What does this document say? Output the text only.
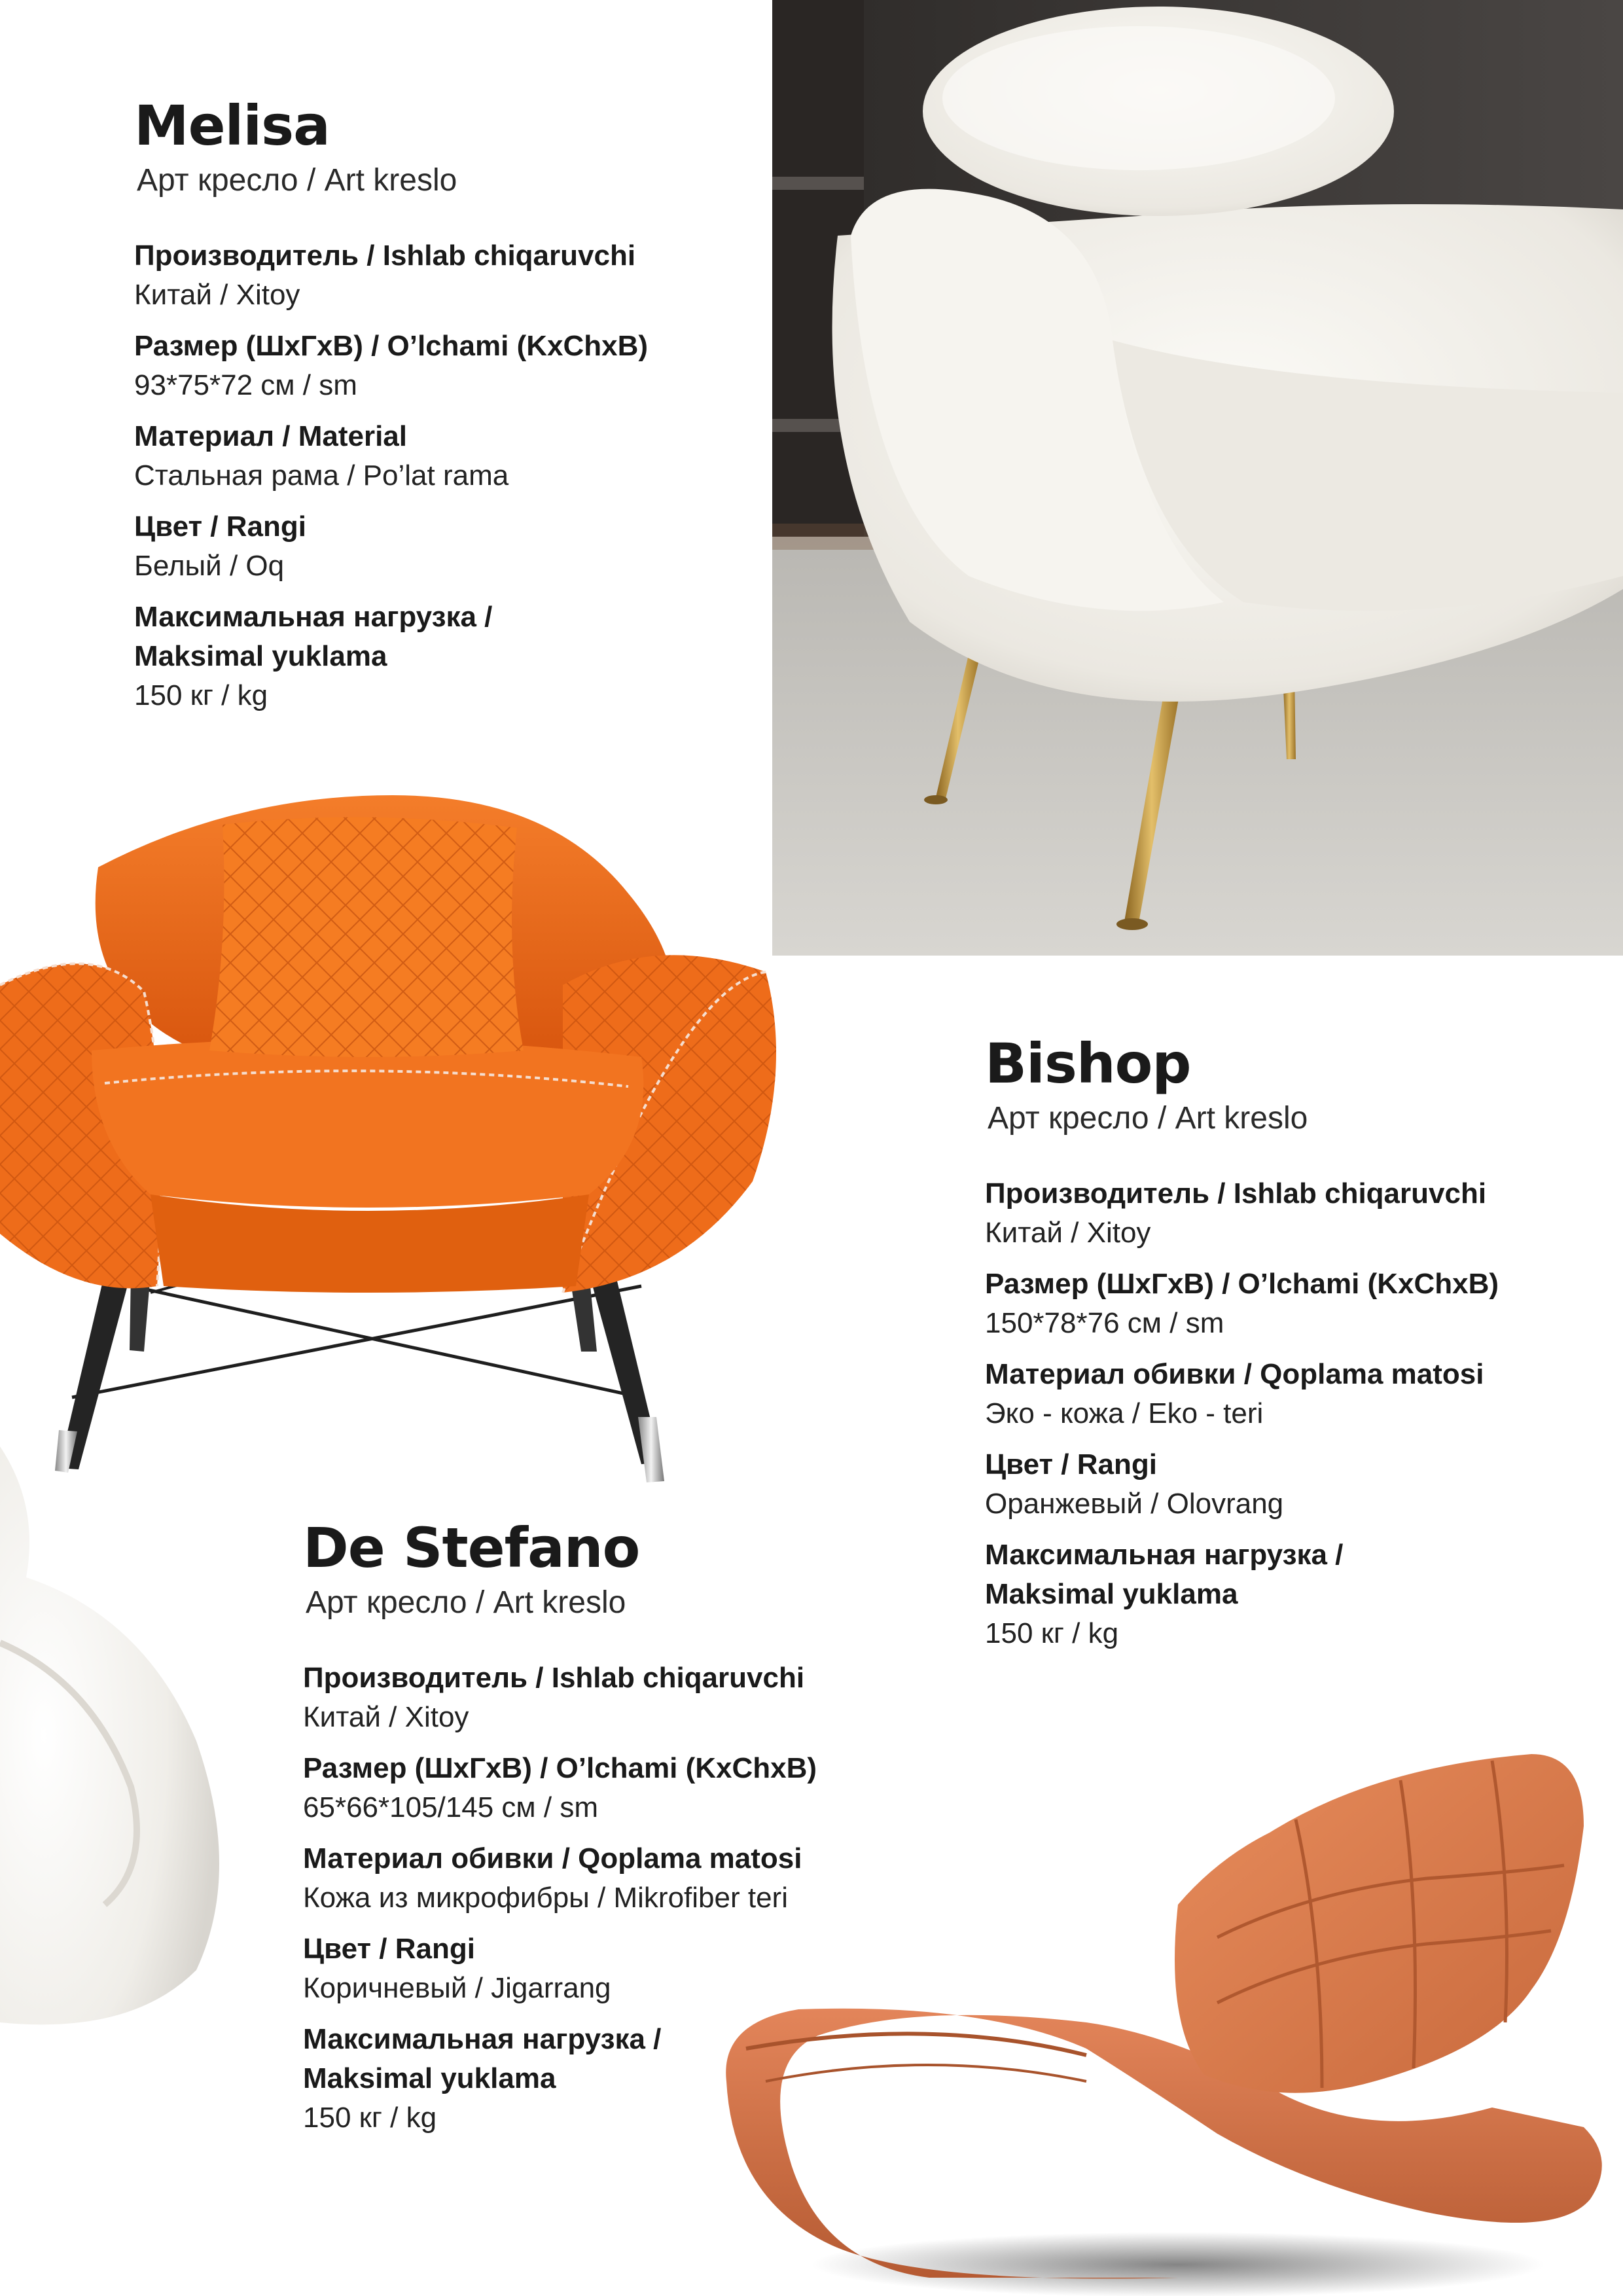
Melisa
Арт кресло / Art kreslo
Производитель / Ishlab chiqaruvchi
Китай / Xitoy
Размер (ШхГхВ) / O’lchami (KxChxB)
93*75*72 см / sm
Материал / Material
Стальная рама / Po’lat rama
Цвет / Rangi
Белый / Oq
Максимальная нагрузка / Maksimal yuklama
150 кг / kg
Bishop
Арт кресло / Art kreslo
Производитель / Ishlab chiqaruvchi
Китай / Xitoy
Размер (ШхГхВ) / O’lchami (KxChxB)
150*78*76 см / sm
Материал обивки / Qoplama matosi
Эко - кожа / Eko - teri
Цвет / Rangi
Оранжевый / Olovrang
Максимальная нагрузка / Maksimal yuklama
150 кг / kg
De Stefano
Арт кресло / Art kreslo
Производитель / Ishlab chiqaruvchi
Китай / Xitoy
Размер (ШхГхВ) / O’lchami (KxChxB)
65*66*105/145 см / sm
Материал обивки / Qoplama matosi
Кожа из микрофибры / Mikrofiber teri
Цвет / Rangi
Коричневый / Jigarrang
Максимальная нагрузка / Maksimal yuklama
150 кг / kg
